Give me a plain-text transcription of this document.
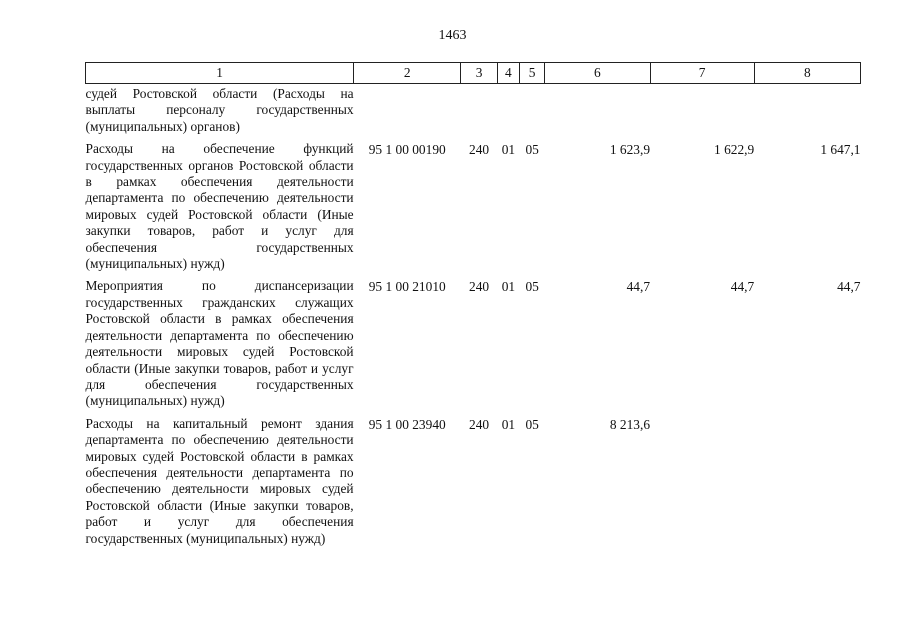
1463
1	2	3	4	5	6	7	8
судей Ростовской области (Расходы на выплаты персоналу государственных (муниципальных) органов)							
Расходы на обеспечение функций государственных органов Ростовской области в рамках обеспечения деятельности департамента по обеспечению деятельности мировых судей Ростовской области (Иные закупки товаров, работ и услуг для обеспечения государственных (муниципальных) нужд)	95 1 00 00190	240	01	05	1 623,9	1 622,9	1 647,1
Мероприятия по диспансеризации государственных гражданских служащих Ростовской области в рамках обеспечения деятельности департамента по обеспечению деятельности мировых судей Ростовской области (Иные закупки товаров, работ и услуг для обеспечения государственных (муниципальных) нужд)	95 1 00 21010	240	01	05	44,7	44,7	44,7
Расходы на капитальный ремонт здания департамента по обеспечению деятельности мировых судей Ростовской области в рамках обеспечения деятельности департамента по обеспечению деятельности мировых судей Ростовской области (Иные закупки товаров, работ и услуг для обеспечения государственных (муниципальных) нужд)	95 1 00 23940	240	01	05	8 213,6		
